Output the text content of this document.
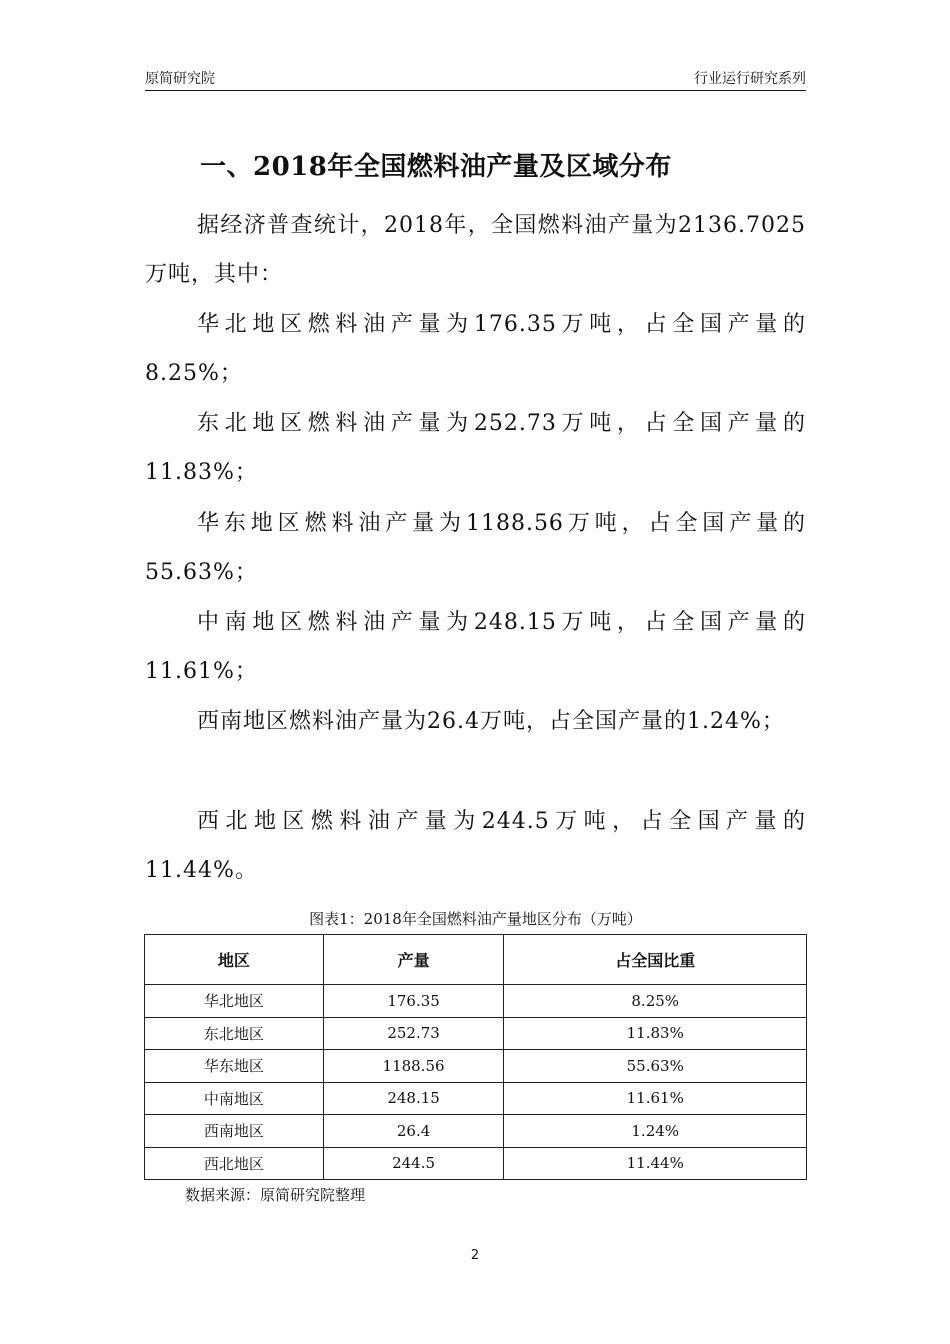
原简研究院	行业运行研究系列
一、2018年全国燃料油产量及区域分布

据经济普查统计，2018年，全国燃料油产量为2136.7025万吨，其中：

华北地区燃料油产量为176.35万吨，占全国产量的8.25%；

东北地区燃料油产量为252.73万吨，占全国产量的11.83%；

华东地区燃料油产量为1188.56万吨，占全国产量的55.63%；

中南地区燃料油产量为248.15万吨，占全国产量的11.61%；

西南地区燃料油产量为26.4万吨，占全国产量的1.24%；

西北地区燃料油产量为244.5万吨，占全国产量的11.44%。

图表1：2018年全国燃料油产量地区分布（万吨）
地区	产量	占全国比重
华北地区	176.35	8.25%
东北地区	252.73	11.83%
华东地区	1188.56	55.63%
中南地区	248.15	11.61%
西南地区	26.4	1.24%
西北地区	244.5	11.44%
数据来源：原简研究院整理
2
